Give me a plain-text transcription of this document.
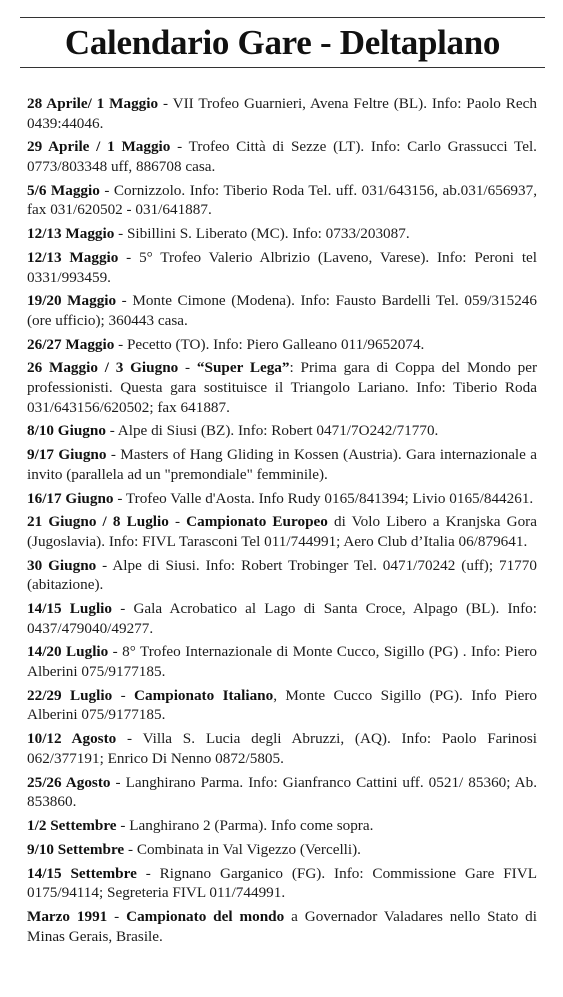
Calendario Gare - Deltaplano
28 Aprile/ 1 Maggio - VII Trofeo Guarnieri, Avena Feltre (BL). Info: Paolo Rech 0439:44046.
29 Aprile / 1 Maggio - Trofeo Città di Sezze (LT). Info: Carlo Grassucci Tel. 0773/803348 uff, 886708 casa.
5/6 Maggio - Cornizzolo. Info: Tiberio Roda Tel. uff. 031/643156, ab.031/656937, fax 031/620502 - 031/641887.
12/13 Maggio - Sibillini S. Liberato (MC). Info: 0733/203087.
12/13 Maggio - 5° Trofeo Valerio Albrizio (Laveno, Varese). Info: Peroni tel 0331/993459.
19/20 Maggio - Monte Cimone (Modena). Info: Fausto Bardelli Tel. 059/315246 (ore ufficio); 360443 casa.
26/27 Maggio - Pecetto (TO). Info: Piero Galleano 011/9652074.
26 Maggio / 3 Giugno - “Super Lega”: Prima gara di Coppa del Mondo per professionisti. Questa gara sostituisce il Triangolo Lariano. Info: Tiberio Roda 031/643156/620502; fax 641887.
8/10 Giugno - Alpe di Siusi (BZ). Info: Robert 0471/7O242/71770.
9/17 Giugno - Masters of Hang Gliding in Kossen (Austria). Gara internazionale a invito (parallela ad un "premondiale" femminile).
16/17 Giugno - Trofeo Valle d'Aosta. Info Rudy 0165/841394; Livio 0165/844261.
21 Giugno / 8 Luglio - Campionato Europeo di Volo Libero a Kranjska Gora (Jugoslavia). Info: FIVL Tarasconi Tel 011/744991; Aero Club d’Italia 06/879641.
30 Giugno - Alpe di Siusi. Info: Robert Trobinger Tel. 0471/70242 (uff); 71770 (abitazione).
14/15 Luglio - Gala Acrobatico al Lago di Santa Croce, Alpago (BL). Info: 0437/479040/49277.
14/20 Luglio - 8° Trofeo Internazionale di Monte Cucco, Sigillo (PG) . Info: Piero Alberini 075/9177185.
22/29 Luglio - Campionato Italiano, Monte Cucco Sigillo (PG). Info Piero Alberini 075/9177185.
10/12 Agosto - Villa S. Lucia degli Abruzzi, (AQ). Info: Paolo Farinosi 062/377191; Enrico Di Nenno 0872/5805.
25/26 Agosto - Langhirano Parma. Info: Gianfranco Cattini uff. 0521/ 85360; Ab. 853860.
1/2 Settembre - Langhirano 2 (Parma). Info come sopra.
9/10 Settembre - Combinata in Val Vigezzo (Vercelli).
14/15 Settembre - Rignano Garganico (FG). Info: Commissione Gare FIVL 0175/94114; Segreteria FIVL 011/744991.
Marzo 1991 - Campionato del mondo a Governador Valadares nello Stato di Minas Gerais, Brasile.
